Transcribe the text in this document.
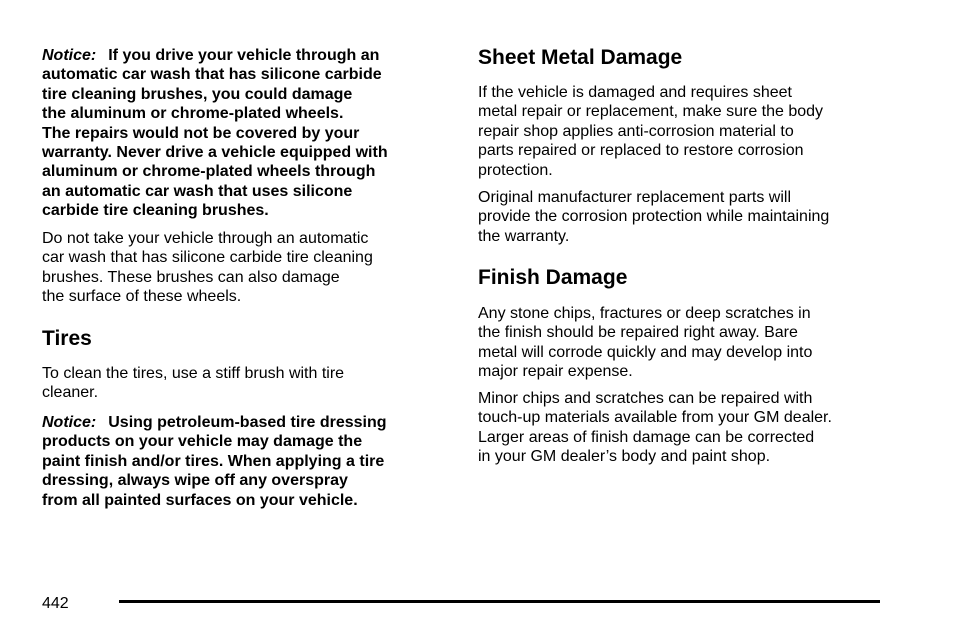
Notice: If you drive your vehicle through an
automatic car wash that has silicone carbide
tire cleaning brushes, you could damage
the aluminum or chrome-plated wheels.
The repairs would not be covered by your
warranty. Never drive a vehicle equipped with
aluminum or chrome-plated wheels through
an automatic car wash that uses silicone
carbide tire cleaning brushes.

Do not take your vehicle through an automatic
car wash that has silicone carbide tire cleaning
brushes. These brushes can also damage
the surface of these wheels.

Tires

To clean the tires, use a stiff brush with tire
cleaner.

Notice: Using petroleum-based tire dressing
products on your vehicle may damage the
paint finish and/or tires. When applying a tire
dressing, always wipe off any overspray
from all painted surfaces on your vehicle.

Sheet Metal Damage

If the vehicle is damaged and requires sheet
metal repair or replacement, make sure the body
repair shop applies anti-corrosion material to
parts repaired or replaced to restore corrosion
protection.

Original manufacturer replacement parts will
provide the corrosion protection while maintaining
the warranty.

Finish Damage

Any stone chips, fractures or deep scratches in
the finish should be repaired right away. Bare
metal will corrode quickly and may develop into
major repair expense.

Minor chips and scratches can be repaired with
touch-up materials available from your GM dealer.
Larger areas of finish damage can be corrected
in your GM dealer’s body and paint shop.

442
